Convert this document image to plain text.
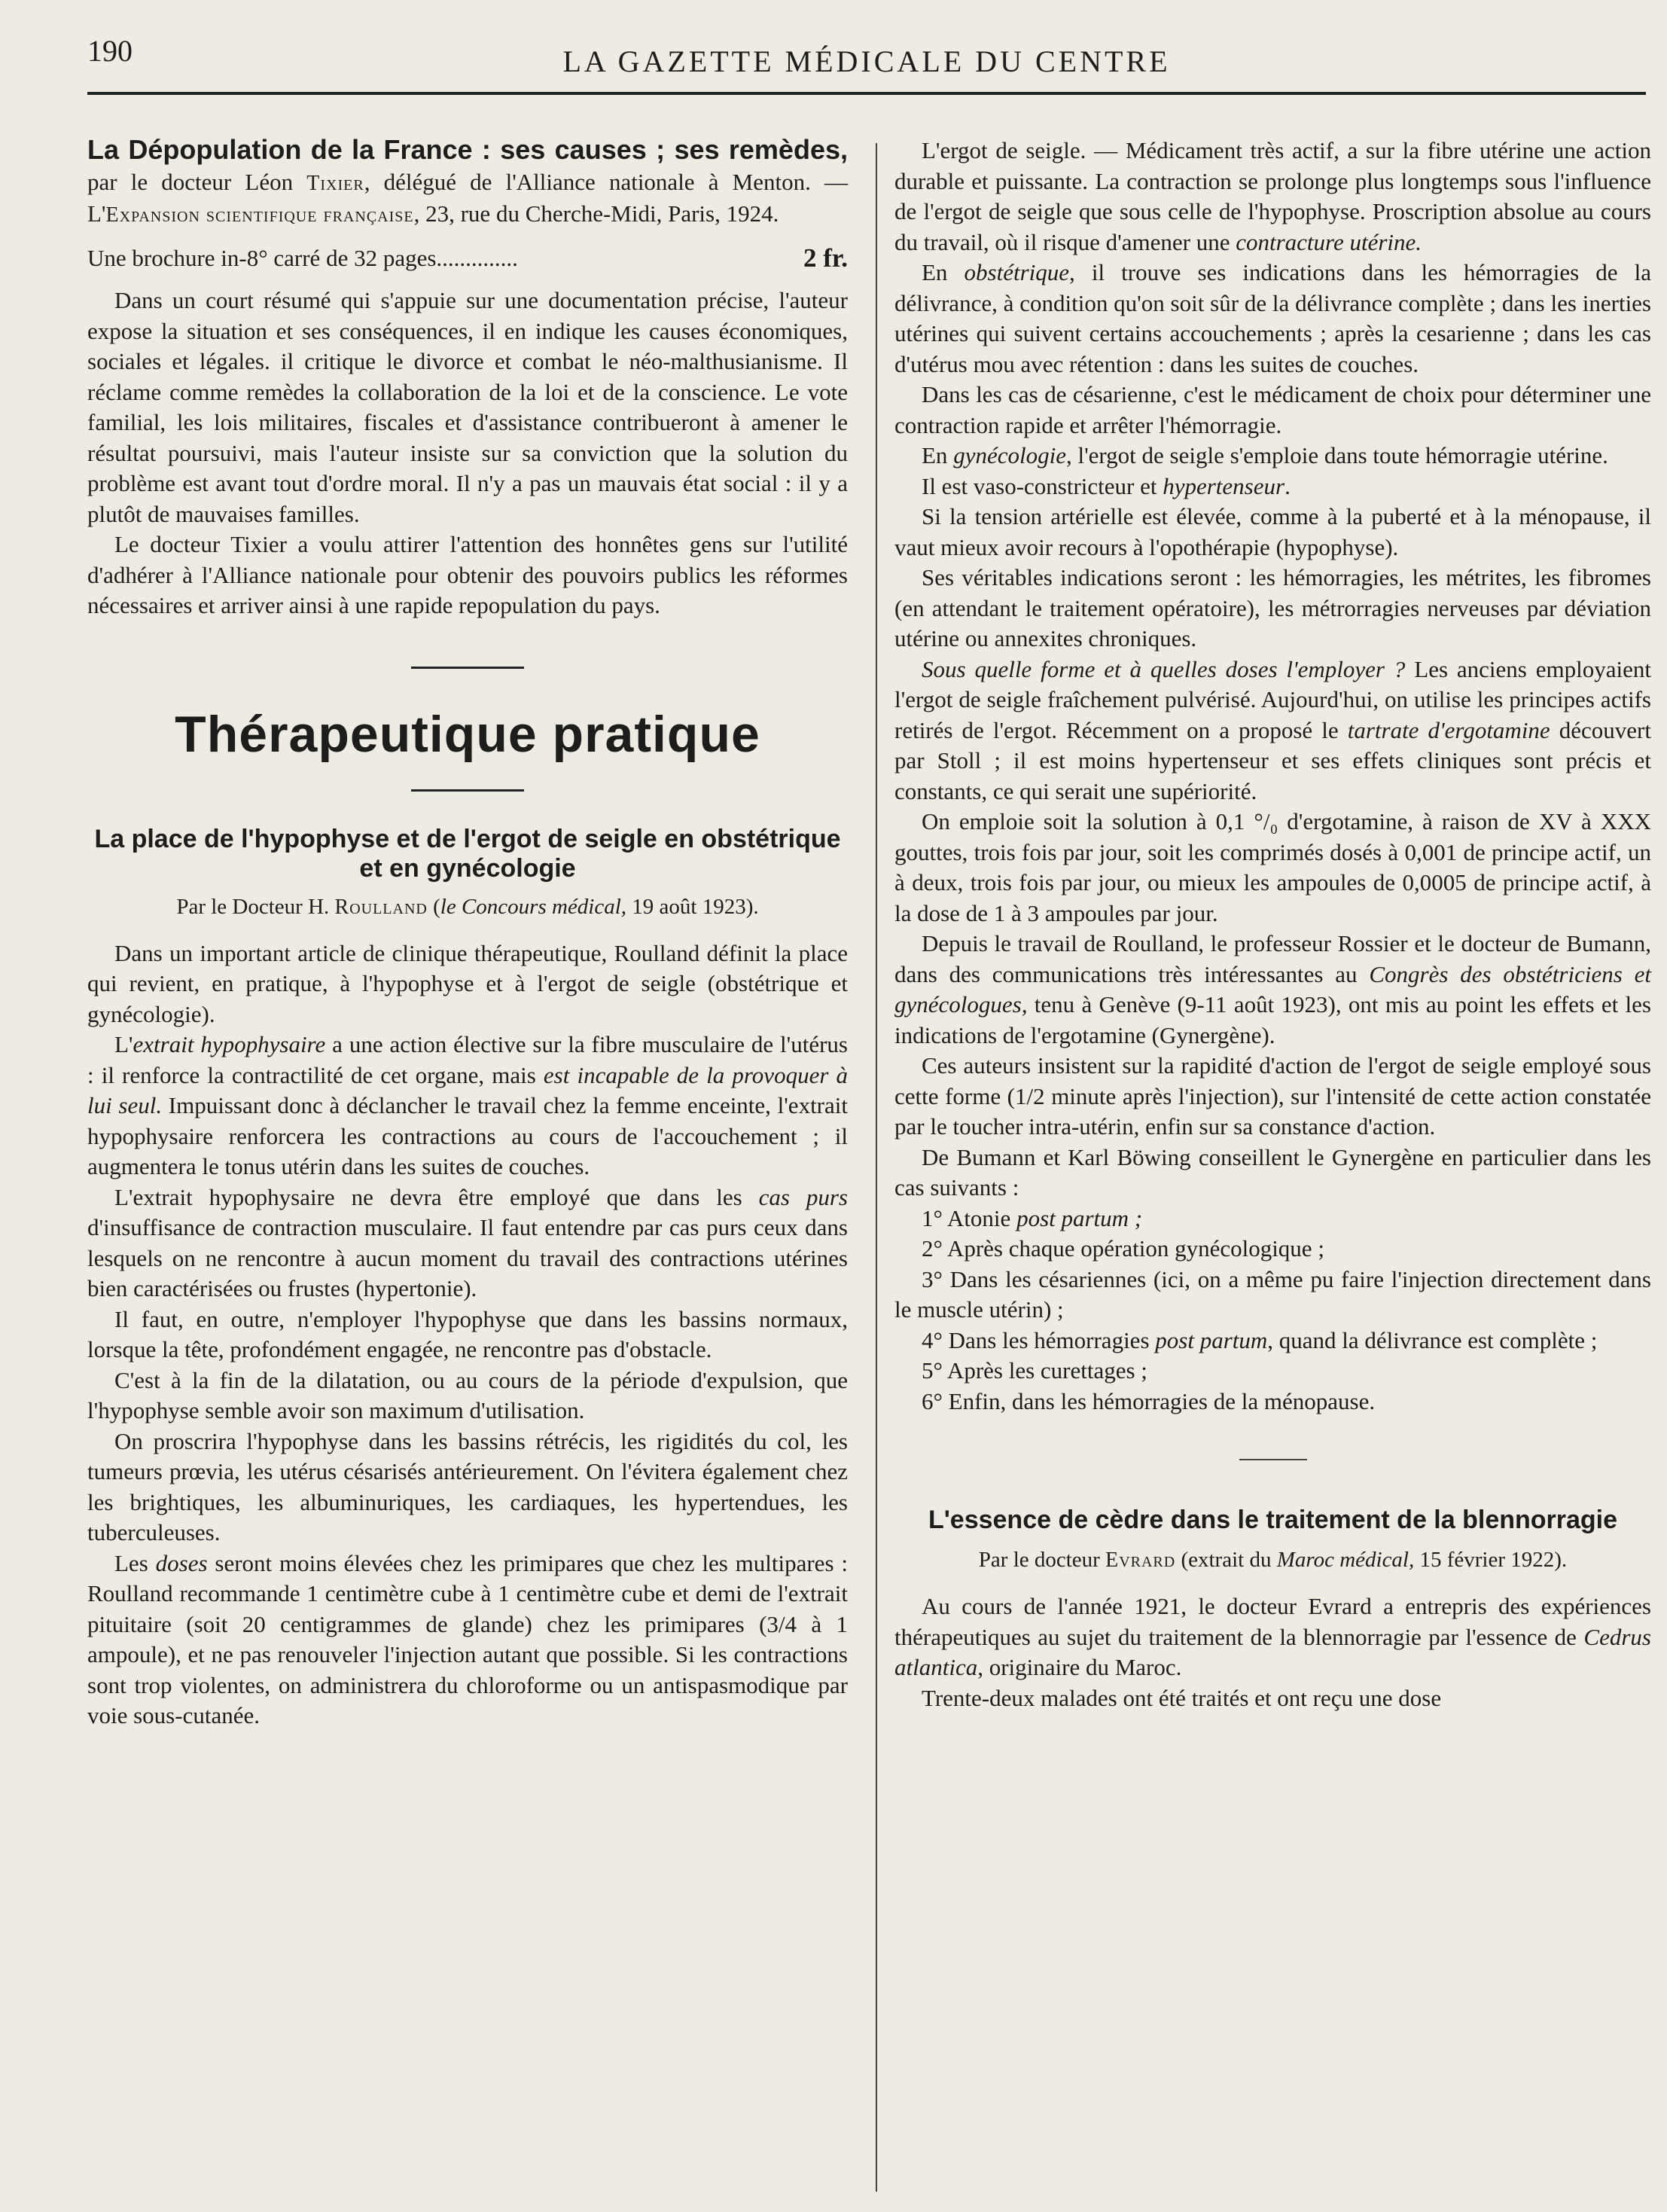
190	LA GAZETTE MÉDICALE DU CENTRE

La Dépopulation de la France : ses causes ; ses remèdes, par le docteur Léon Tixier, délégué de l'Alliance nationale à Menton. — L'Expansion scientifique française, 23, rue du Cherche-Midi, Paris, 1924.

Une brochure in-8° carré de 32 pages..............	2 fr.

Dans un court résumé qui s'appuie sur une documentation précise, l'auteur expose la situation et ses conséquences, il en indique les causes économiques, sociales et légales. il critique le divorce et combat le néo-malthusianisme. Il réclame comme remèdes la collaboration de la loi et de la conscience. Le vote familial, les lois militaires, fiscales et d'assistance contribueront à amener le résultat poursuivi, mais l'auteur insiste sur sa conviction que la solution du problème est avant tout d'ordre moral. Il n'y a pas un mauvais état social : il y a plutôt de mauvaises familles.

Le docteur Tixier a voulu attirer l'attention des honnêtes gens sur l'utilité d'adhérer à l'Alliance nationale pour obtenir des pouvoirs publics les réformes nécessaires et arriver ainsi à une rapide repopulation du pays.

Thérapeutique pratique
La place de l'hypophyse et de l'ergot de seigle en obstétrique et en gynécologie
Par le Docteur H. Roulland (le Concours médical, 19 août 1923).

Dans un important article de clinique thérapeutique, Roulland définit la place qui revient, en pratique, à l'hypophyse et à l'ergot de seigle (obstétrique et gynécologie).

L'extrait hypophysaire a une action élective sur la fibre musculaire de l'utérus : il renforce la contractilité de cet organe, mais est incapable de la provoquer à lui seul. Impuissant donc à déclancher le travail chez la femme enceinte, l'extrait hypophysaire renforcera les contractions au cours de l'accouchement ; il augmentera le tonus utérin dans les suites de couches.

L'extrait hypophysaire ne devra être employé que dans les cas purs d'insuffisance de contraction musculaire. Il faut entendre par cas purs ceux dans lesquels on ne rencontre à aucun moment du travail des contractions utérines bien caractérisées ou frustes (hypertonie).

Il faut, en outre, n'employer l'hypophyse que dans les bassins normaux, lorsque la tête, profondément engagée, ne rencontre pas d'obstacle.

C'est à la fin de la dilatation, ou au cours de la période d'expulsion, que l'hypophyse semble avoir son maximum d'utilisation.

On proscrira l'hypophyse dans les bassins rétrécis, les rigidités du col, les tumeurs prœvia, les utérus césarisés antérieurement. On l'évitera également chez les brightiques, les albuminuriques, les cardiaques, les hypertendues, les tuberculeuses.

Les doses seront moins élevées chez les primipares que chez les multipares : Roulland recommande 1 centimètre cube à 1 centimètre cube et demi de l'extrait pituitaire (soit 20 centigrammes de glande) chez les primipares (3/4 à 1 ampoule), et ne pas renouveler l'injection autant que possible. Si les contractions sont trop violentes, on administrera du chloroforme ou un antispasmodique par voie sous-cutanée.

L'ergot de seigle. — Médicament très actif, a sur la fibre utérine une action durable et puissante. La contraction se prolonge plus longtemps sous l'influence de l'ergot de seigle que sous celle de l'hypophyse. Proscription absolue au cours du travail, où il risque d'amener une contracture utérine.

En obstétrique, il trouve ses indications dans les hémorragies de la délivrance, à condition qu'on soit sûr de la délivrance complète ; dans les inerties utérines qui suivent certains accouchements ; après la cesarienne ; dans les cas d'utérus mou avec rétention : dans les suites de couches.

Dans les cas de césarienne, c'est le médicament de choix pour déterminer une contraction rapide et arrêter l'hémorragie.

En gynécologie, l'ergot de seigle s'emploie dans toute hémorragie utérine.

Il est vaso-constricteur et hypertenseur.

Si la tension artérielle est élevée, comme à la puberté et à la ménopause, il vaut mieux avoir recours à l'opothérapie (hypophyse).

Ses véritables indications seront : les hémorragies, les métrites, les fibromes (en attendant le traitement opératoire), les métrorragies nerveuses par déviation utérine ou annexites chroniques.

Sous quelle forme et à quelles doses l'employer ? Les anciens employaient l'ergot de seigle fraîchement pulvérisé. Aujourd'hui, on utilise les principes actifs retirés de l'ergot. Récemment on a proposé le tartrate d'ergotamine découvert par Stoll ; il est moins hypertenseur et ses effets cliniques sont précis et constants, ce qui serait une supériorité.

On emploie soit la solution à 0,1 °/₀ d'ergotamine, à raison de XV à XXX gouttes, trois fois par jour, soit les comprimés dosés à 0,001 de principe actif, un à deux, trois fois par jour, ou mieux les ampoules de 0,0005 de principe actif, à la dose de 1 à 3 ampoules par jour.

Depuis le travail de Roulland, le professeur Rossier et le docteur de Bumann, dans des communications très intéressantes au Congrès des obstétriciens et gynécologues, tenu à Genève (9-11 août 1923), ont mis au point les effets et les indications de l'ergotamine (Gynergène).

Ces auteurs insistent sur la rapidité d'action de l'ergot de seigle employé sous cette forme (1/2 minute après l'injection), sur l'intensité de cette action constatée par le toucher intra-utérin, enfin sur sa constance d'action.

De Bumann et Karl Böwing conseillent le Gynergène en particulier dans les cas suivants :

1° Atonie post partum ;

2° Après chaque opération gynécologique ;

3° Dans les césariennes (ici, on a même pu faire l'injection directement dans le muscle utérin) ;

4° Dans les hémorragies post partum, quand la délivrance est complète ;

5° Après les curettages ;

6° Enfin, dans les hémorragies de la ménopause.

L'essence de cèdre dans le traitement de la blennorragie
Par le docteur Evrard (extrait du Maroc médical, 15 février 1922).

Au cours de l'année 1921, le docteur Evrard a entrepris des expériences thérapeutiques au sujet du traitement de la blennorragie par l'essence de Cedrus atlantica, originaire du Maroc.

Trente-deux malades ont été traités et ont reçu une dose
